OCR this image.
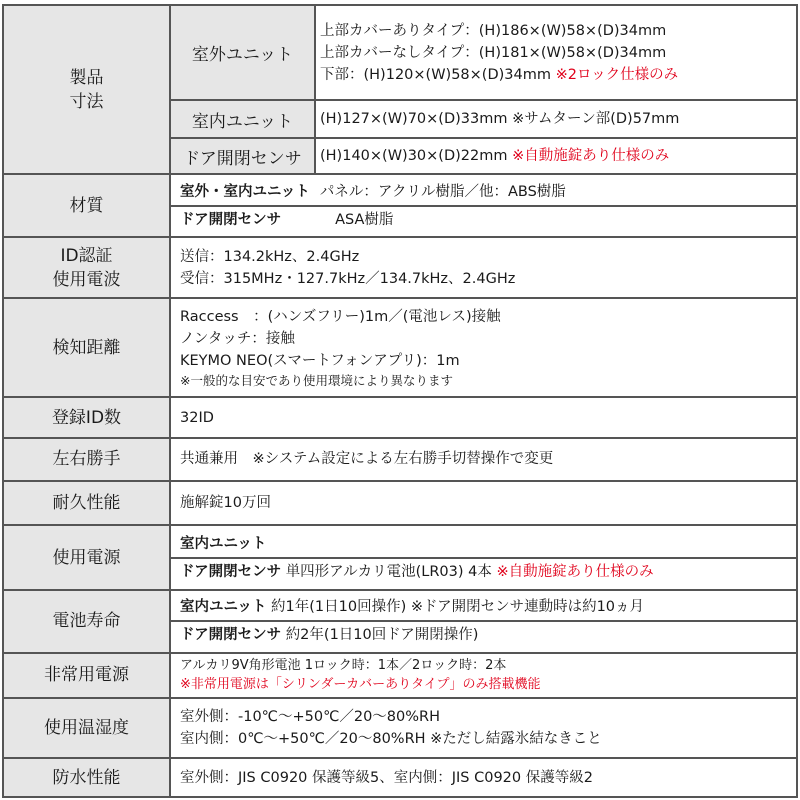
製品
寸法	室外ユニット	上部カバーありタイプ：(H)186×(W)58×(D)34mm
上部カバーなしタイプ：(H)181×(W)58×(D)34mm
下部：(H)120×(W)58×(D)34mm ※2ロック仕様のみ

	室内ユニット	(H)127×(W)70×(D)33mm ※サムターン部(D)57mm

	ドア開閉センサ	(H)140×(W)30×(D)22mm ※自動施錠あり仕様のみ

材質	室外・室内ユニット パネル：アクリル樹脂／他：ABS樹脂
ドア開閉センサ ASA樹脂	

ID認証
使用電波	送信：134.2kHz、2.4GHz
受信：315MHz・127.7kHz／134.7kHz、2.4GHz	

検知距離	Raccess　：(ハンズフリー)1m／(電池レス)接触
ノンタッチ：接触
KEYMO NEO(スマートフォンアプリ)：1m
※一般的な目安であり使用環境により異なります	

登録ID数	32ID	
左右勝手	共通兼用　※システム設定による左右勝手切替操作で変更	
耐久性能	施解錠10万回	
使用電源	室内ユニット
ドア開閉センサ 単四形アルカリ電池(LR03) 4本 ※自動施錠あり仕様のみ	

電池寿命	室内ユニット 約1年(1日10回操作) ※ドア開閉センサ連動時は約10ヵ月
ドア開閉センサ 約2年(1日10回ドア開閉操作)	

非常用電源	アルカリ9V角形電池 1ロック時：1本／2ロック時：2本
※非常用電源は「シリンダーカバーありタイプ」のみ搭載機能	

使用温湿度	室外側：-10℃～+50℃／20～80%RH
室内側：0℃～+50℃／20～80%RH ※ただし結露氷結なきこと	

防水性能	室外側：JIS C0920 保護等級5、室内側：JIS C0920 保護等級2	
